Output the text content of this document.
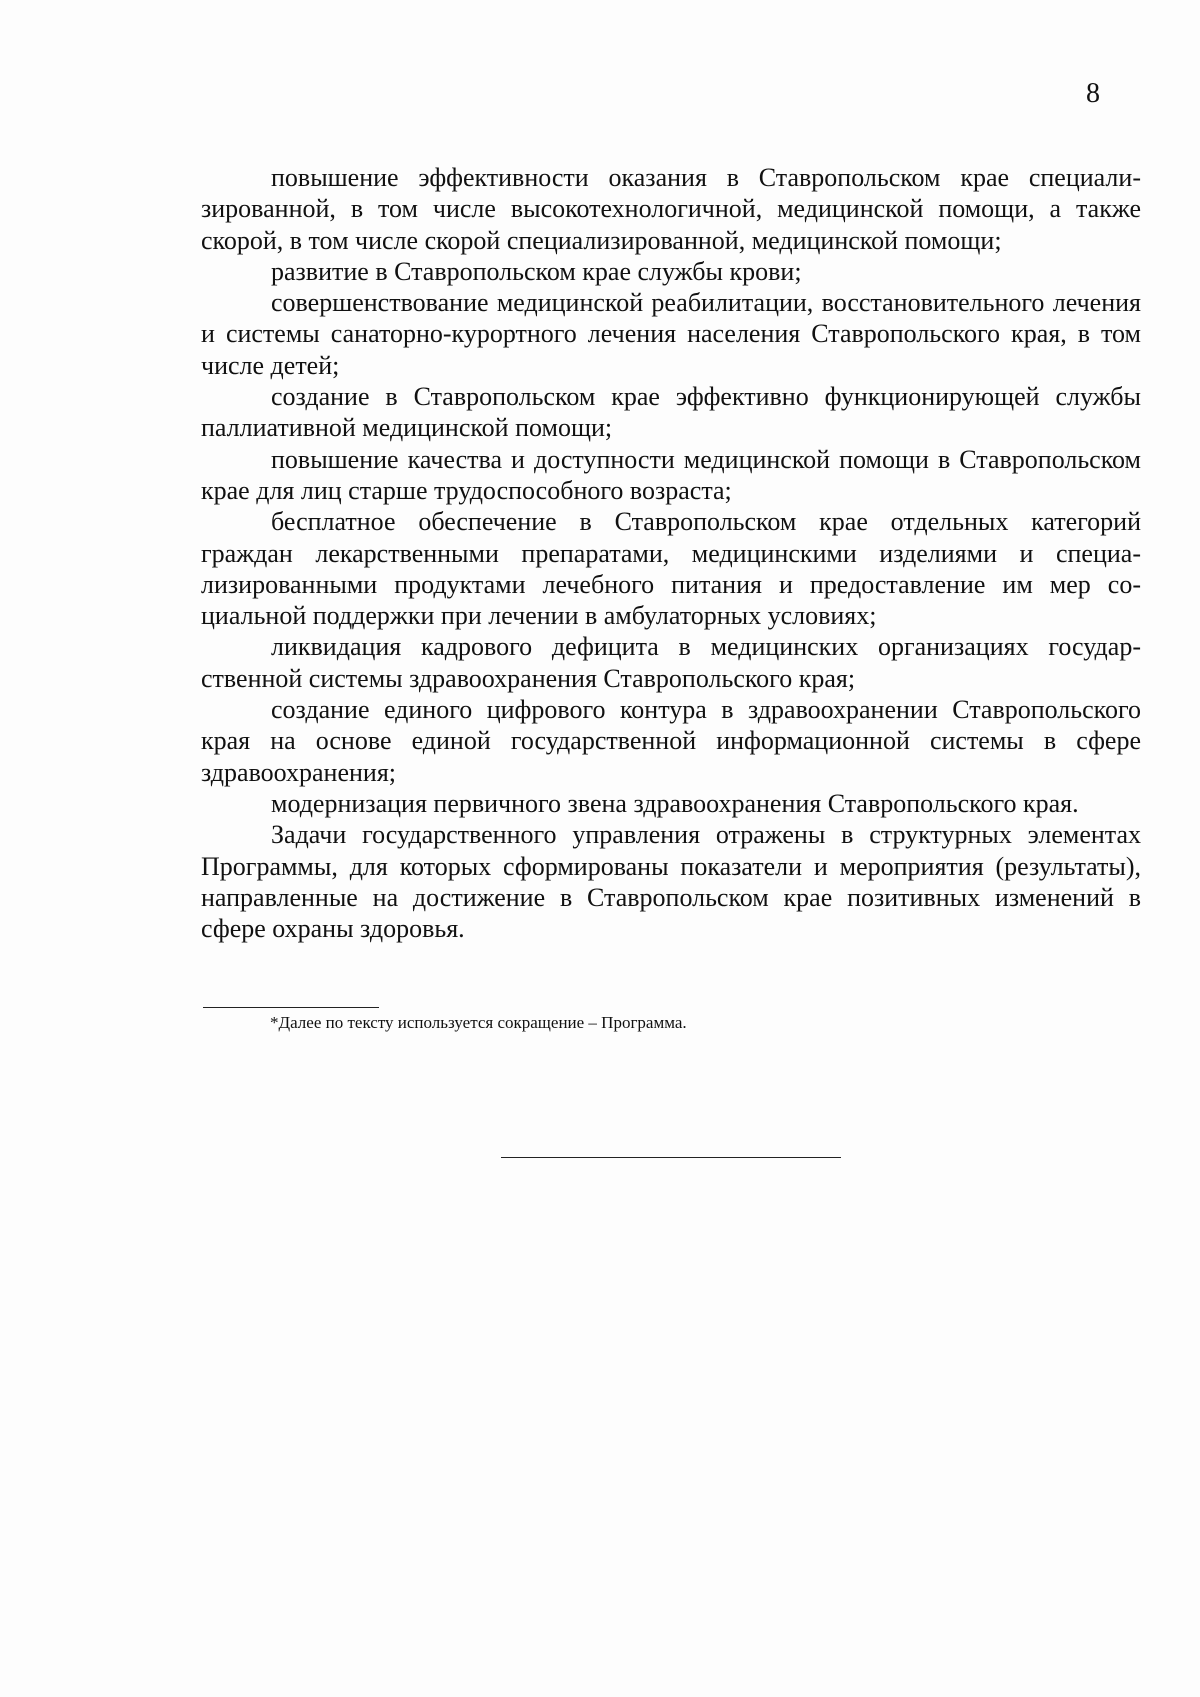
8

повышение эффективности оказания в Ставропольском крае специализированной, в том числе высокотехнологичной, медицинской помощи, а также скорой, в том числе скорой специализированной, медицинской помощи;

развитие в Ставропольском крае службы крови;

совершенствование медицинской реабилитации, восстановительного лечения и системы санаторно-курортного лечения населения Ставропольского края, в том числе детей;

создание в Ставропольском крае эффективно функционирующей службы паллиативной медицинской помощи;

повышение качества и доступности медицинской помощи в Ставропольском крае для лиц старше трудоспособного возраста;

бесплатное обеспечение в Ставропольском крае отдельных категорий граждан лекарственными препаратами, медицинскими изделиями и специализированными продуктами лечебного питания и предоставление им мер социальной поддержки при лечении в амбулаторных условиях;

ликвидация кадрового дефицита в медицинских организациях государственной системы здравоохранения Ставропольского края;

создание единого цифрового контура в здравоохранении Ставропольского края на основе единой государственной информационной системы в сфере здравоохранения;

модернизация первичного звена здравоохранения Ставропольского края.

Задачи государственного управления отражены в структурных элементах Программы, для которых сформированы показатели и мероприятия (результаты), направленные на достижение в Ставропольском крае позитивных изменений в сфере охраны здоровья.

*Далее по тексту используется сокращение – Программа.
